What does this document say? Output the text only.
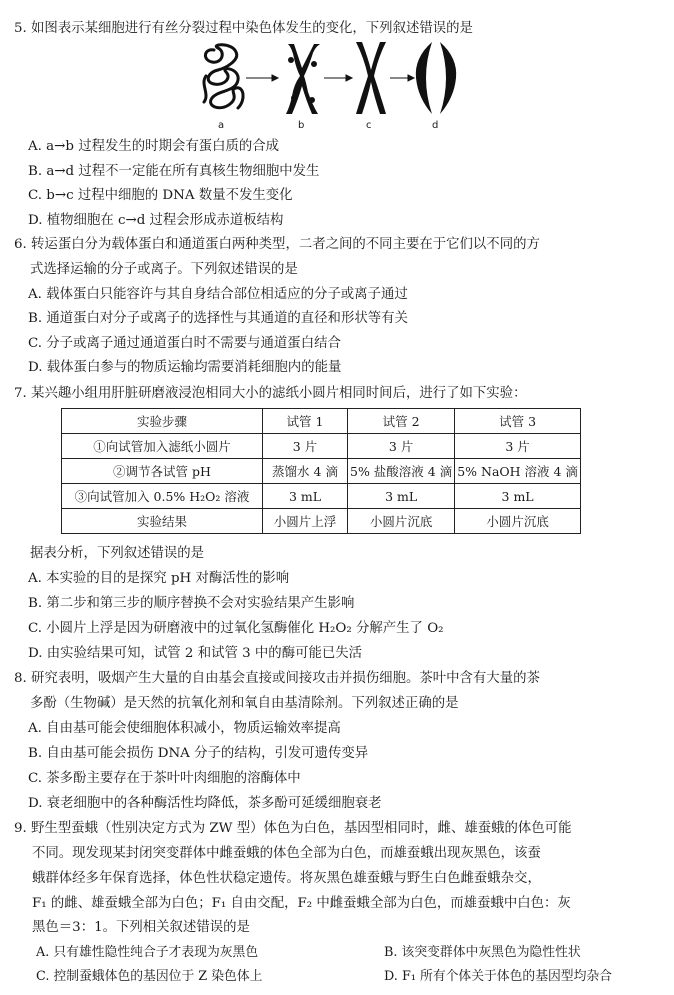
5. 如图表示某细胞进行有丝分裂过程中染色体发生的变化，下列叙述错误的是
a	b	c	d
A. a→b 过程发生的时期会有蛋白质的合成
B. a→d 过程不一定能在所有真核生物细胞中发生
C. b→c 过程中细胞的 DNA 数量不发生变化
D. 植物细胞在 c→d 过程会形成赤道板结构
6. 转运蛋白分为载体蛋白和通道蛋白两种类型，二者之间的不同主要在于它们以不同的方
式选择运输的分子或离子。下列叙述错误的是
A. 载体蛋白只能容许与其自身结合部位相适应的分子或离子通过
B. 通道蛋白对分子或离子的选择性与其通道的直径和形状等有关
C. 分子或离子通过通道蛋白时不需要与通道蛋白结合
D. 载体蛋白参与的物质运输均需要消耗细胞内的能量
7. 某兴趣小组用肝脏研磨液浸泡相同大小的滤纸小圆片相同时间后，进行了如下实验：
实验步骤	试管 1	试管 2	试管 3
①向试管加入滤纸小圆片	3 片	3 片	3 片
②调节各试管 pH	蒸馏水 4 滴	5% 盐酸溶液 4 滴	5% NaOH 溶液 4 滴
③向试管加入 0.5% H₂O₂ 溶液	3 mL	3 mL	3 mL
实验结果	小圆片上浮	小圆片沉底	小圆片沉底
据表分析，下列叙述错误的是
A. 本实验的目的是探究 pH 对酶活性的影响
B. 第二步和第三步的顺序替换不会对实验结果产生影响
C. 小圆片上浮是因为研磨液中的过氧化氢酶催化 H₂O₂ 分解产生了 O₂
D. 由实验结果可知，试管 2 和试管 3 中的酶可能已失活
8. 研究表明，吸烟产生大量的自由基会直接或间接攻击并损伤细胞。茶叶中含有大量的茶
多酚（生物碱）是天然的抗氧化剂和氧自由基清除剂。下列叙述正确的是
A. 自由基可能会使细胞体积减小，物质运输效率提高
B. 自由基可能会损伤 DNA 分子的结构，引发可遗传变异
C. 茶多酚主要存在于茶叶叶肉细胞的溶酶体中
D. 衰老细胞中的各种酶活性均降低，茶多酚可延缓细胞衰老
9. 野生型蚕蛾（性别决定方式为 ZW 型）体色为白色，基因型相同时，雌、雄蚕蛾的体色可能
不同。现发现某封闭突变群体中雌蚕蛾的体色全部为白色，而雄蚕蛾出现灰黑色，该蚕
蛾群体经多年保育选择，体色性状稳定遗传。将灰黑色雄蚕蛾与野生白色雌蚕蛾杂交，
F₁ 的雌、雄蚕蛾全部为白色；F₁ 自由交配，F₂ 中雌蚕蛾全部为白色，而雄蚕蛾中白色：灰
黑色＝3：1。下列相关叙述错误的是
A. 只有雄性隐性纯合子才表现为灰黑色	B. 该突变群体中灰黑色为隐性性状
C. 控制蚕蛾体色的基因位于 Z 染色体上	D. F₁ 所有个体关于体色的基因型均杂合
